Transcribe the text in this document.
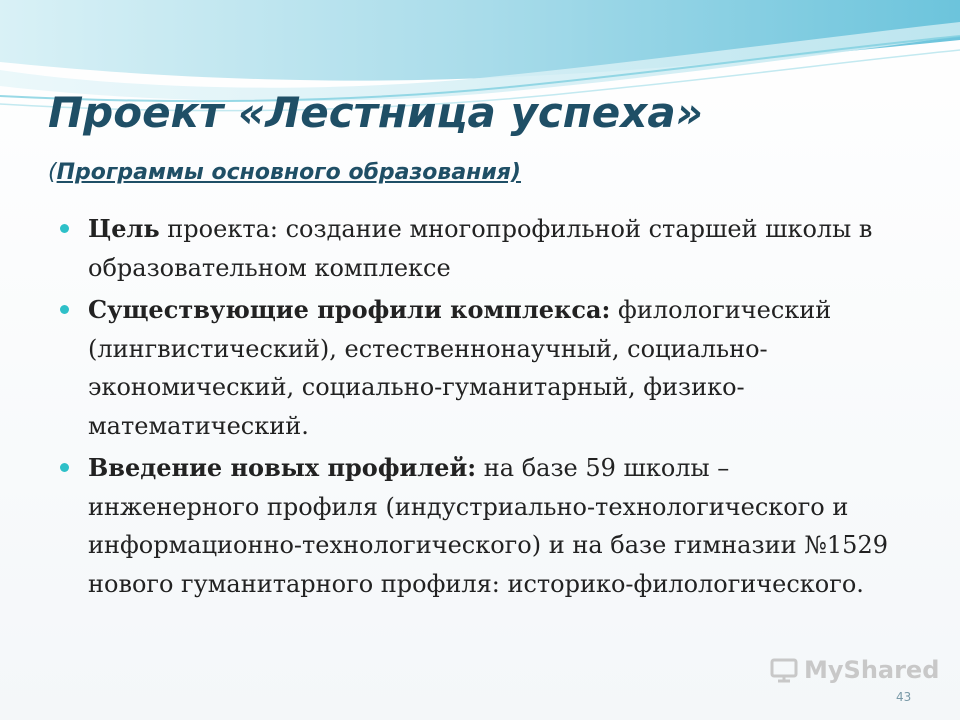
Проект «Лестница успеха»
(Программы основного образования)
Цель проекта: создание многопрофильной старшей школы в образовательном комплексе
Существующие профили комплекса: филологический (лингвистический), естественнонаучный, социально-экономический, социально-гуманитарный, физико-математический.
Введение новых профилей: на базе 59 школы – инженерного профиля (индустриально-технологического и информационно-технологического) и на базе гимназии №1529 нового гуманитарного профиля: историко-филологического.
MyShared
43
